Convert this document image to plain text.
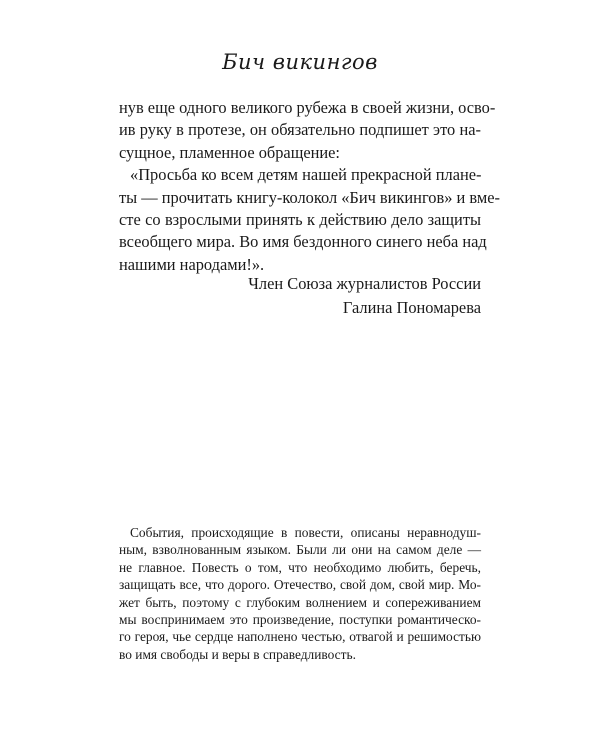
Бич викингов
нув еще одного великого рубежа в своей жизни, осво-
ив руку в протезе, он обязательно подпишет это на-
сущное, пламенное обращение:
«Просьба ко всем детям нашей прекрасной плане-
ты — прочитать книгу-колокол «Бич викингов» и вме-
сте со взрослыми принять к действию дело защиты
всеобщего мира. Во имя бездонного синего неба над
нашими народами!».
Член Союза журналистов России
Галина Пономарева
События, происходящие в повести, описаны неравнодуш-
ным, взволнованным языком. Были ли они на самом деле —
не главное. Повесть о том, что необходимо любить, беречь,
защищать все, что дорого. Отечество, свой дом, свой мир. Мо-
жет быть, поэтому с глубоким волнением и сопереживанием
мы воспринимаем это произведение, поступки романтическо-
го героя, чье сердце наполнено честью, отвагой и решимостью
во имя свободы и веры в справедливость.
